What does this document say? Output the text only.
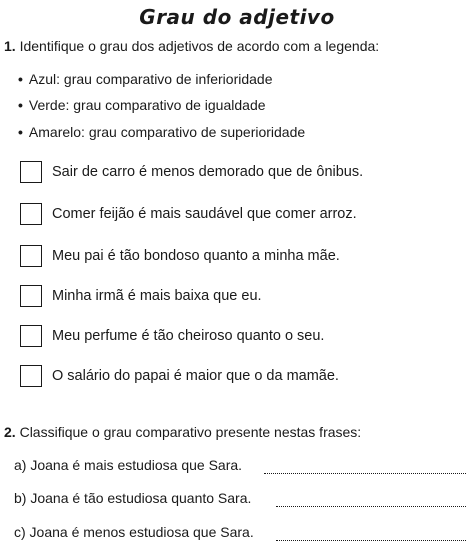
Grau do adjetivo
1. Identifique o grau dos adjetivos de acordo com a legenda:
• Azul: grau comparativo de inferioridade
• Verde: grau comparativo de igualdade
• Amarelo: grau comparativo de superioridade
Sair de carro é menos demorado que de ônibus.
Comer feijão é mais saudável que comer arroz.
Meu pai é tão bondoso quanto a minha mãe.
Minha irmã é mais baixa que eu.
Meu perfume é tão cheiroso quanto o seu.
O salário do papai é maior que o da mamãe.
2. Classifique o grau comparativo presente nestas frases:
a) Joana é mais estudiosa que Sara.
b) Joana é tão estudiosa quanto Sara.
c) Joana é menos estudiosa que Sara.
